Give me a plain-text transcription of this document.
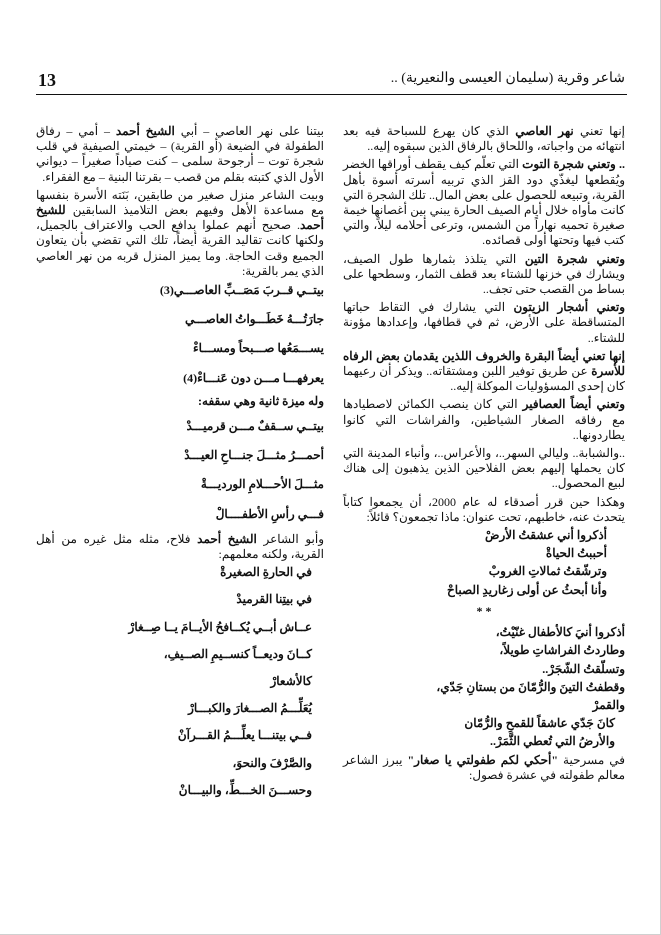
13	شاعر وقرية (سليمان العيسى والنعيرية) ..

إنها تعني نهر العاصي الذي كان يهرع للسباحة فيه بعد انتهائه من واجباته، واللحاق بالرفاق الذين سبقوه إليه..

.. وتعني شجرة التوت التي تعلّم كيف يقطف أوراقها الخضر ويُقطعها ليغذّي دود القز الذي تربيه أسرته أسوة بأهل القرية، وتبيعه للحصول على بعض المال.. تلك الشجرة التي كانت مأواه خلال أيام الصيف الحارة يبني بين أغصانها خيمة صغيرة تحميه نهاراً من الشمس، وترعى أحلامه ليلاً، والتي كتب فيها وتحتها أولى قصائده.

وتعني شجرة التين التي يتلذذ بثمارها طول الصيف، ويشارك في خزنها للشتاء بعد قطف الثمار، وسطحها على بساط من القصب حتى تجف..

وتعني أشجار الزيتون التي يشارك في التقاط حباتها المتساقطة على الأرض، ثم في قطافها، وإعدادها مؤونة للشتاء..

إنها تعني أيضاً البقرة والخروف اللذين يقدمان بعض الرفاه للأسرة عن طريق توفير اللبن ومشتقاته.. ويذكر أن رعيهما كان إحدى المسؤوليات الموكلة إليه..

وتعني أيضاً العصافير التي كان ينصب الكمائن لاصطيادها مع رفاقه الصغار الشياطين، والفراشات التي كانوا يطاردونها..

..والشبابة.. وليالي السهر..، والأعراس..، وأنباء المدينة التي كان يحملها إليهم بعض الفلاحين الذين يذهبون إلى هناك لبيع المحصول..

وهكذا حين قرر أصدقاء له عام 2000، أن يجمعوا كتاباً يتحدث عنه، خاطبهم، تحت عنوان: ماذا تجمعون؟ قائلاً:

أذكروا أني عشقتُ الأرضْ

أحببتُ الحياةْ

وترشّقتُ ثمالاتِ الغروبْ

وأنا أبحثُ عن أولى زغاريدِ الصباحْ

* *

أذكروا أنيَ كالأطفال غنّيْتُ،

وطاردتُ الفراشاتِ طويلاً،

وتسلّقتُ الشّجَرْ..

وقطفتُ التينَ والرُّمّانَ من بستانِ جَدّي،

والقمرْ

كانَ جَدّي عاشقاً للقمحِ والرُّمّان

والأرضُ التي تُعطي الثَّمَرْ..

في مسرحية "أحكي لكم طفولتي يا صغار" يبرز الشاعر معالم طفولته في عشرة فصول:

بيتنا على نهر العاصي – أبي الشيخ أحمد – أمي – رفاق الطفولة في الضيعة (أو القرية) – خيمتي الصيفية في قلب شجرة توت – أرجوحة سلمى – كنت صياداً صغيراً – ديواني الأول الذي كتبته بقلم من قصب – بقرتنا البنية – مع الفقراء.

وبيت الشاعر منزل صغير من طابقين، بَنَته الأسرة بنفسها مع مساعدة الأهل وفيهم بعض التلاميذ السابقين للشيخ أحمد. صحيح أنهم عملوا بدافع الحب والاعتراف بالجميل، ولكنها كانت تقاليد القرية أيضاً، تلك التي تقضي بأن يتعاون الجميع وقت الحاجة. وما يميز المنزل قربه من نهر العاصي الذي يمر بالقرية:

بيتــي قــربَ مَصَــبِّ العاصـــي(3)

جارَتُـــهُ خَطَـــواتُ العاصـــي

يســـمَعُها صـــبحاً ومســـاءْ

يعرفهـــا مـــن دون عَنـــاءْ(4)

وله ميزة ثانية وهي سقفه:

بيتــي ســقفٌ مـــن قرميـــدْ

أحمـــرُ مثـــلَ جنـــاحِ العيـــدْ

مثـــلَ الأحـــلامِ الورديـــةْ

فـــي رأسِ الأطفــــالْ

وأبو الشاعر الشيخ أحمد فلاح، مثله مثل غيره من أهل القرية، ولكنه معلمهم:

في الحارةِ الصغيرةْ

في بيتِنا القرميدْ

عــاش أبــي يُكــافحُ الأيــامَ يــا صِــغارْ

كــانَ وديعــاً كنســيمِ الصــيفِ،

كالأشعارْ

يُعَلِّـــمُ الصـــغارَ والكبـــارْ

فــي بيتنـــا يعلِّـــمُ القـــرآنْ

والصَّرْفَ والنحوَ،

وحســـنَ الخـــطِّ، والبيـــانْ
